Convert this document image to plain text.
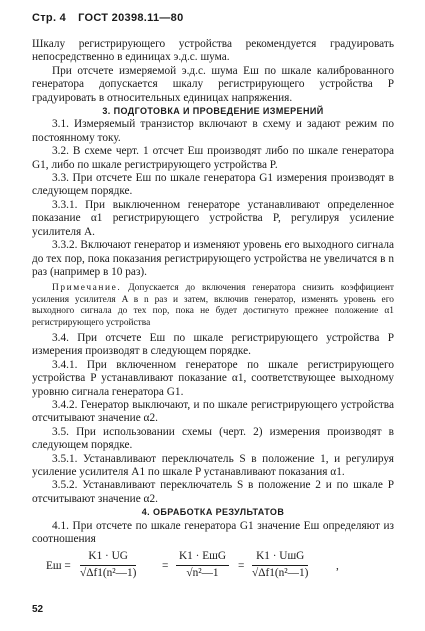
Стр. 4 ГОСТ 20398.11—80

Шкалу регистрирующего устройства рекомендуется градуировать непосредственно в единицах э.д.с. шума.

При отсчете измеряемой э.д.с. шума Eш по шкале калиброванного генератора допускается шкалу регистрирующего устройства P градуировать в относительных единицах напряжения.

3. ПОДГОТОВКА И ПРОВЕДЕНИЕ ИЗМЕРЕНИЙ

3.1. Измеряемый транзистор включают в схему и задают режим по постоянному току.

3.2. В схеме черт. 1 отсчет Eш производят либо по шкале генератора G1, либо по шкале регистрирующего устройства P.

3.3. При отсчете Eш по шкале генератора G1 измерения производят в следующем порядке.

3.3.1. При выключенном генераторе устанавливают определенное показание α1 регистрирующего устройства P, регулируя усиление усилителя A.

3.3.2. Включают генератор и изменяют уровень его выходного сигнала до тех пор, пока показания регистрирующего устройства не увеличатся в n раз (например в 10 раз).

Примечание. Допускается до включения генератора снизить коэффициент усиления усилителя A в n раз и затем, включив генератор, изменять уровень его выходного сигнала до тех пор, пока не будет достигнуто прежнее положение α1 регистрирующего устройства

3.4. При отсчете Eш по шкале регистрирующего устройства P измерения производят в следующем порядке.

3.4.1. При включенном генераторе по шкале регистрирующего устройства P устанавливают показание α1, соответствующее выходному уровню сигнала генератора G1.

3.4.2. Генератор выключают, и по шкале регистрирующего устройства отсчитывают значение α2.

3.5. При использовании схемы (черт. 2) измерения производят в следующем порядке.

3.5.1. Устанавливают переключатель S в положение 1, и регулируя усиление усилителя A1 по шкале P устанавливают показания α1.

3.5.2. Устанавливают переключатель S в положение 2 и по шкале P отсчитывают значение α2.

4. ОБРАБОТКА РЕЗУЛЬТАТОВ

4.1. При отсчете по шкале генератора G1 значение Eш определяют из соотношения

Eш = $\frac{K1 \cdot UG}{\text{√Δf1(n²—1)}}$ =
K1 · EшG
√n²—1
=
K1 · UшG
√Δf1(n²—1)
,
52
